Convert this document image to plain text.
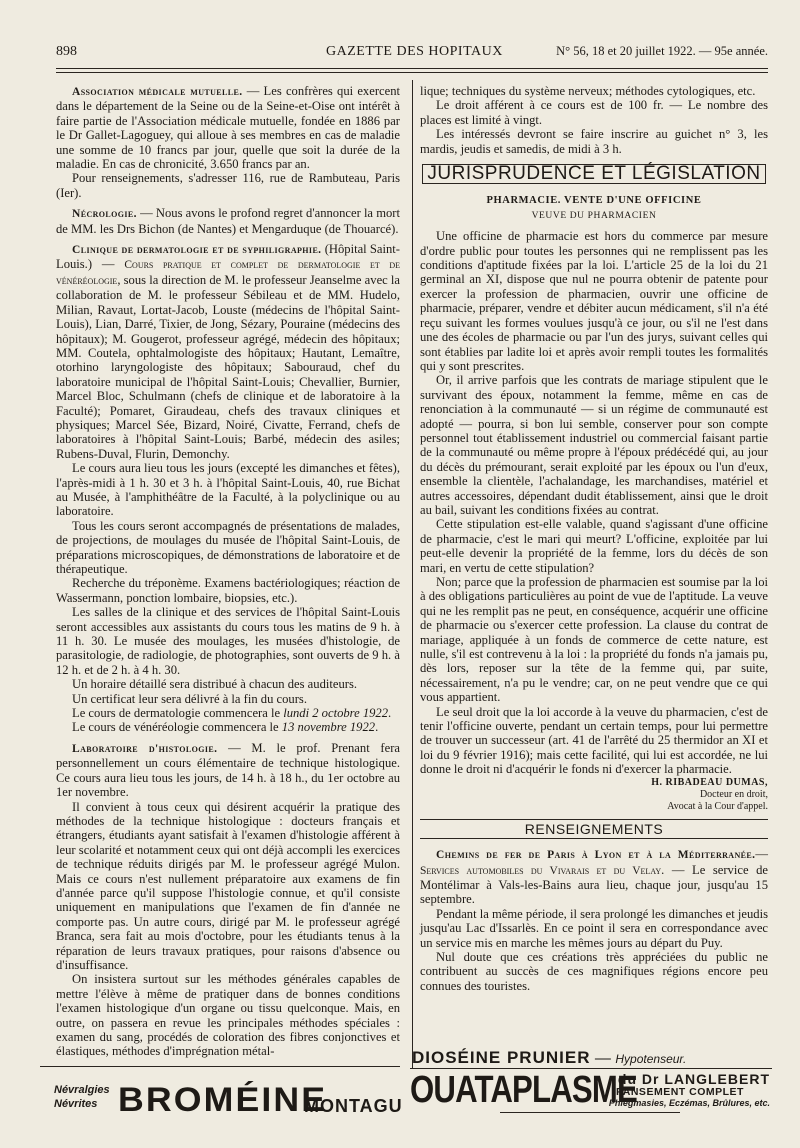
898	GAZETTE DES HOPITAUX	N° 56, 18 et 20 juillet 1922. — 95e année.

Association médicale mutuelle. — Les confrères qui exercent dans le département de la Seine ou de la Seine-et-Oise ont intérêt à faire partie de l'Association médicale mutuelle, fondée en 1886 par le Dr Gallet-Lagoguey, qui alloue à ses membres en cas de maladie une somme de 10 francs par jour, quelle que soit la durée de la maladie. En cas de chronicité, 3.650 francs par an.

Pour renseignements, s'adresser 116, rue de Rambuteau, Paris (Ier).

Nécrologie. — Nous avons le profond regret d'annoncer la mort de MM. les Drs Bichon (de Nantes) et Mengarduque (de Thouarcé).

Clinique de dermatologie et de syphiligraphie. (Hôpital Saint-Louis.) — Cours pratique et complet de dermatologie et de vénéréologie, sous la direction de M. le professeur Jeanselme avec la collaboration de M. le professeur Sébileau et de MM. Hudelo, Milian, Ravaut, Lortat-Jacob, Louste (médecins de l'hôpital Saint-Louis), Lian, Darré, Tixier, de Jong, Sézary, Pouraine (médecins des hôpitaux); M. Gougerot, professeur agrégé, médecin des hôpitaux; MM. Coutela, ophtalmologiste des hôpitaux; Hautant, Lemaître, otorhino laryngologiste des hôpitaux; Sabouraud, chef du laboratoire municipal de l'hôpital Saint-Louis; Chevallier, Burnier, Marcel Bloc, Schulmann (chefs de clinique et de laboratoire à la Faculté); Pomaret, Giraudeau, chefs des travaux cliniques et physiques; Marcel Sée, Bizard, Noiré, Civatte, Ferrand, chefs de laboratoires à l'hôpital Saint-Louis; Barbé, médecin des asiles; Rubens-Duval, Flurin, Demonchy.

Le cours aura lieu tous les jours (excepté les dimanches et fêtes), l'après-midi à 1 h. 30 et 3 h. à l'hôpital Saint-Louis, 40, rue Bichat au Musée, à l'amphithéâtre de la Faculté, à la polyclinique ou au laboratoire.

Tous les cours seront accompagnés de présentations de malades, de projections, de moulages du musée de l'hôpital Saint-Louis, de préparations microscopiques, de démonstrations de laboratoire et de thérapeutique.

Recherche du tréponème. Examens bactériologiques; réaction de Wassermann, ponction lombaire, biopsies, etc.).

Les salles de la clinique et des services de l'hôpital Saint-Louis seront accessibles aux assistants du cours tous les matins de 9 h. à 11 h. 30. Le musée des moulages, les musées d'histologie, de parasitologie, de radiologie, de photographies, sont ouverts de 9 h. à 12 h. et de 2 h. à 4 h. 30.

Un horaire détaillé sera distribué à chacun des auditeurs.

Un certificat leur sera délivré à la fin du cours.

Le cours de dermatologie commencera le lundi 2 octobre 1922.

Le cours de vénéréologie commencera le 13 novembre 1922.

Laboratoire d'histologie. — M. le prof. Prenant fera personnellement un cours élémentaire de technique histologique. Ce cours aura lieu tous les jours, de 14 h. à 18 h., du 1er octobre au 1er novembre.

Il convient à tous ceux qui désirent acquérir la pratique des méthodes de la technique histologique : docteurs français et étrangers, étudiants ayant satisfait à l'examen d'histologie afférent à leur scolarité et notamment ceux qui ont déjà accompli les exercices de technique réduits dirigés par M. le professeur agrégé Mulon. Mais ce cours n'est nullement préparatoire aux examens de fin d'année parce qu'il suppose l'histologie connue, et qu'il consiste uniquement en manipulations que l'examen de fin d'année ne comporte pas. Un autre cours, dirigé par M. le professeur agrégé Branca, sera fait au mois d'octobre, pour les étudiants tenus à la réparation de leurs travaux pratiques, pour raisons d'absence ou d'insuffisance.

On insistera surtout sur les méthodes générales capables de mettre l'élève à même de pratiquer dans de bonnes conditions l'examen histologique d'un organe ou tissu quelconque. Mais, en outre, on passera en revue les principales méthodes spéciales : examen du sang, procédés de coloration des fibres conjonctives et élastiques, méthodes d'imprégnation métal-

lique; techniques du système nerveux; méthodes cytologiques, etc.

Le droit afférent à ce cours est de 100 fr. — Le nombre des places est limité à vingt.

Les intéressés devront se faire inscrire au guichet n° 3, les mardis, jeudis et samedis, de midi à 3 h.

JURISPRUDENCE ET LÉGISLATION
PHARMACIE. VENTE D'UNE OFFICINE
VEUVE DU PHARMACIEN

Une officine de pharmacie est hors du commerce par mesure d'ordre public pour toutes les personnes qui ne remplissent pas les conditions d'aptitude fixées par la loi. L'article 25 de la loi du 21 germinal an XI, dispose que nul ne pourra obtenir de patente pour exercer la profession de pharmacien, ouvrir une officine de pharmacie, préparer, vendre et débiter aucun médicament, s'il n'a été reçu suivant les formes voulues jusqu'à ce jour, ou s'il ne l'est dans une des écoles de pharmacie ou par l'un des jurys, suivant celles qui sont établies par ladite loi et après avoir rempli toutes les formalités qui y sont prescrites.

Or, il arrive parfois que les contrats de mariage stipulent que le survivant des époux, notamment la femme, même en cas de renonciation à la communauté — si un régime de communauté est adopté — pourra, si bon lui semble, conserver pour son compte personnel tout établissement industriel ou commercial faisant partie de la communauté ou même propre à l'époux prédécédé qui, au jour du décès du prémourant, serait exploité par les époux ou l'un d'eux, ensemble la clientèle, l'achalandage, les marchandises, matériel et autres accessoires, dépendant dudit établissement, ainsi que le droit au bail, suivant les conditions fixées au contrat.

Cette stipulation est-elle valable, quand s'agissant d'une officine de pharmacie, c'est le mari qui meurt? L'officine, exploitée par lui peut-elle devenir la propriété de la femme, lors du décès de son mari, en vertu de cette stipulation?

Non; parce que la profession de pharmacien est soumise par la loi à des obligations particulières au point de vue de l'aptitude. La veuve qui ne les remplit pas ne peut, en conséquence, acquérir une officine de pharmacie ou s'exercer cette profession. La clause du contrat de mariage, appliquée à un fonds de commerce de cette nature, est nulle, s'il est contrevenu à la loi : la propriété du fonds n'a jamais pu, dès lors, reposer sur la tête de la femme qui, par suite, nécessairement, n'a pu le vendre; car, on ne peut vendre que ce qui vous appartient.

Le seul droit que la loi accorde à la veuve du pharmacien, c'est de tenir l'officine ouverte, pendant un certain temps, pour lui permettre de trouver un successeur (art. 41 de l'arrêté du 25 thermidor an XI et loi du 9 février 1916); mais cette facilité, qui lui est accordée, ne lui donne le droit ni d'acquérir le fonds ni d'exercer la pharmacie.

H. RIBADEAU DUMAS,
Docteur en droit,
Avocat à la Cour d'appel.
RENSEIGNEMENTS

Chemins de fer de Paris à Lyon et à la Méditerranée.— Services automobiles du Vivarais et du Velay. — Le service de Montélimar à Vals-les-Bains aura lieu, chaque jour, jusqu'au 15 septembre.

Pendant la même période, il sera prolongé les dimanches et jeudis jusqu'au Lac d'Issarlès. En ce point il sera en correspondance avec un service mis en marche les mêmes jours au départ du Puy.

Nul doute que ces créations très appréciées du public ne contribuent au succès de ces magnifiques régions encore peu connues des touristes.

Névralgies
Névrites BROMÉINE
MONTAGU
DIOSÉINE PRUNIER — Hypotenseur.
OUATAPLASME
du Dr LANGLEBERT
PANSEMENT COMPLET
Phlegmasies, Eczémas, Brûlures, etc.
